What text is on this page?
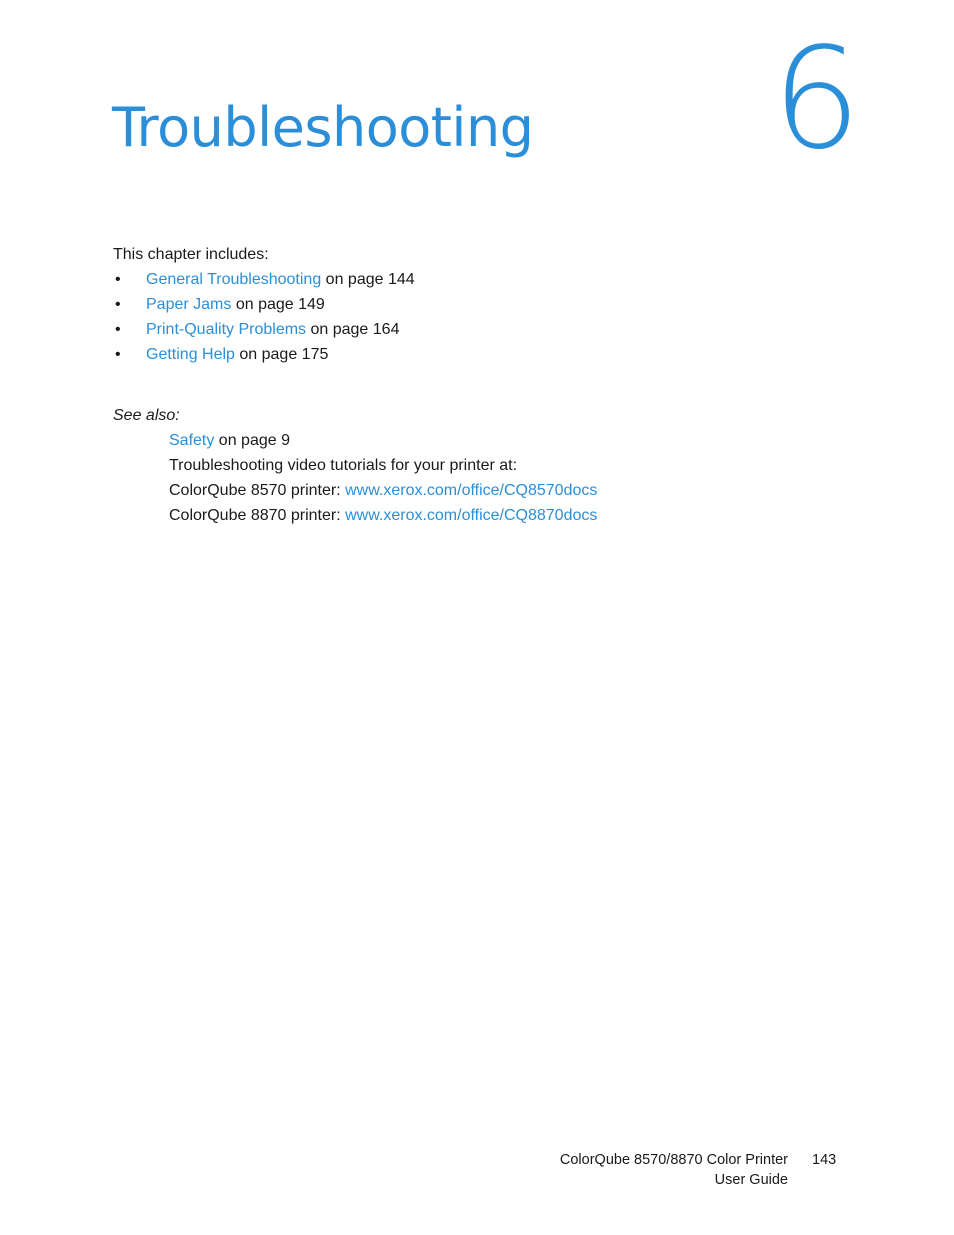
6
Troubleshooting
This chapter includes:
• General Troubleshooting on page 144
• Paper Jams on page 149
• Print-Quality Problems on page 164
• Getting Help on page 175
See also:
Safety on page 9
Troubleshooting video tutorials for your printer at:
ColorQube 8570 printer: www.xerox.com/office/CQ8570docs
ColorQube 8870 printer: www.xerox.com/office/CQ8870docs
ColorQube 8570/8870 Color Printer
User Guide
143
